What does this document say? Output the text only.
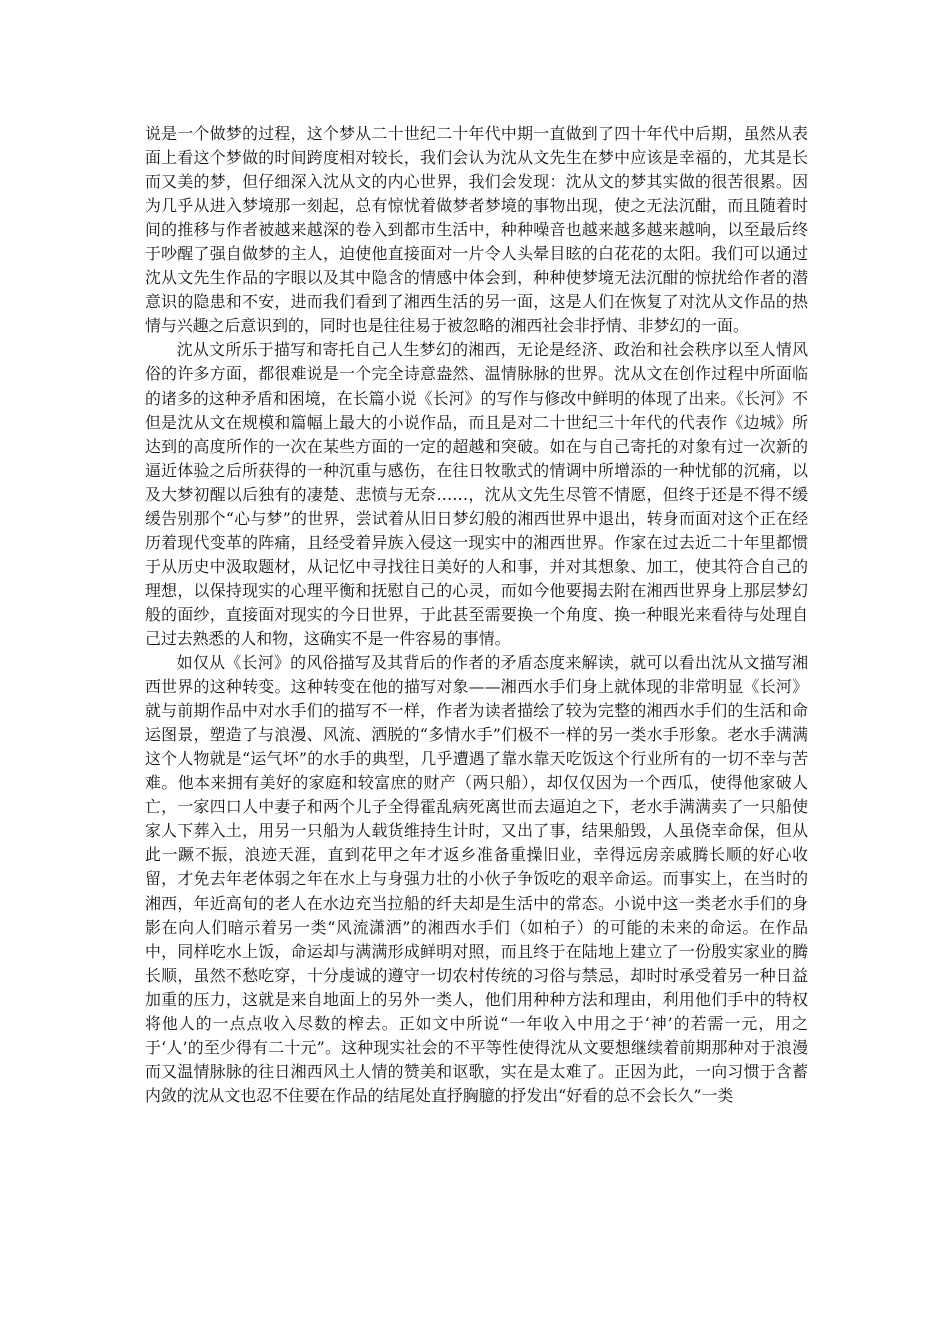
说是一个做梦的过程，这个梦从二十世纪二十年代中期一直做到了四十年代中后期，虽然从表面上看这个梦做的时间跨度相对较长，我们会认为沈从文先生在梦中应该是幸福的，尤其是长而又美的梦，但仔细深入沈从文的内心世界，我们会发现：沈从文的梦其实做的很苦很累。因为几乎从进入梦境那一刻起，总有惊忧着做梦者梦境的事物出现，使之无法沉酣，而且随着时间的推移与作者被越来越深的卷入到都市生活中，种种噪音也越来越多越来越响，以至最后终于吵醒了强自做梦的主人，迫使他直接面对一片令人头晕目眩的白花花的太阳。我们可以通过沈从文先生作品的字眼以及其中隐含的情感中体会到，种种使梦境无法沉酣的惊扰给作者的潜意识的隐患和不安，进而我们看到了湘西生活的另一面，这是人们在恢复了对沈从文作品的热情与兴趣之后意识到的，同时也是往往易于被忽略的湘西社会非抒情、非梦幻的一面。

沈从文所乐于描写和寄托自己人生梦幻的湘西，无论是经济、政治和社会秩序以至人情风俗的许多方面，都很难说是一个完全诗意盎然、温情脉脉的世界。沈从文在创作过程中所面临的诸多的这种矛盾和困境，在长篇小说《长河》的写作与修改中鲜明的体现了出来。《长河》不但是沈从文在规模和篇幅上最大的小说作品，而且是对二十世纪三十年代的代表作《边城》所达到的高度所作的一次在某些方面的一定的超越和突破。如在与自己寄托的对象有过一次新的逼近体验之后所获得的一种沉重与感伤，在往日牧歌式的情调中所增添的一种忧郁的沉痛，以及大梦初醒以后独有的凄楚、悲愤与无奈……，沈从文先生尽管不情愿，但终于还是不得不缓缓告别那个“心与梦”的世界，尝试着从旧日梦幻般的湘西世界中退出，转身而面对这个正在经历着现代变革的阵痛，且经受着异族入侵这一现实中的湘西世界。作家在过去近二十年里都惯于从历史中汲取题材，从记忆中寻找往日美好的人和事，并对其想象、加工，使其符合自己的理想，以保持现实的心理平衡和抚慰自己的心灵，而如今他要揭去附在湘西世界身上那层梦幻般的面纱，直接面对现实的今日世界，于此甚至需要换一个角度、换一种眼光来看待与处理自己过去熟悉的人和物，这确实不是一件容易的事情。

如仅从《长河》的风俗描写及其背后的作者的矛盾态度来解读，就可以看出沈从文描写湘西世界的这种转变。这种转变在他的描写对象——湘西水手们身上就体现的非常明显《长河》就与前期作品中对水手们的描写不一样，作者为读者描绘了较为完整的湘西水手们的生活和命运图景，塑造了与浪漫、风流、洒脱的“多情水手”们极不一样的另一类水手形象。老水手满满这个人物就是“运气坏”的水手的典型，几乎遭遇了靠水靠天吃饭这个行业所有的一切不幸与苦难。他本来拥有美好的家庭和较富庶的财产（两只船），却仅仅因为一个西瓜，使得他家破人亡，一家四口人中妻子和两个儿子全得霍乱病死离世而去逼迫之下，老水手满满卖了一只船使家人下葬入土，用另一只船为人载货维持生计时，又出了事，结果船毁，人虽侥幸命保，但从此一蹶不振，浪迹天涯，直到花甲之年才返乡准备重操旧业，幸得远房亲戚腾长顺的好心收留，才免去年老体弱之年在水上与身强力壮的小伙子争饭吃的艰辛命运。而事实上，在当时的湘西，年近高旬的老人在水边充当拉船的纤夫却是生活中的常态。小说中这一类老水手们的身影在向人们暗示着另一类“风流潇洒”的湘西水手们（如柏子）的可能的未来的命运。在作品中，同样吃水上饭，命运却与满满形成鲜明对照，而且终于在陆地上建立了一份殷实家业的腾长顺，虽然不愁吃穿，十分虔诚的遵守一切农村传统的习俗与禁忌，却时时承受着另一种日益加重的压力，这就是来自地面上的另外一类人，他们用种种方法和理由，利用他们手中的特权将他人的一点点收入尽数的榨去。正如文中所说“一年收入中用之于‘神’的若需一元，用之于‘人’的至少得有二十元”。这种现实社会的不平等性使得沈从文要想继续着前期那种对于浪漫而又温情脉脉的往日湘西风土人情的赞美和讴歌，实在是太难了。正因为此，一向习惯于含蓄内敛的沈从文也忍不住要在作品的结尾处直抒胸臆的抒发出“好看的总不会长久”一类
